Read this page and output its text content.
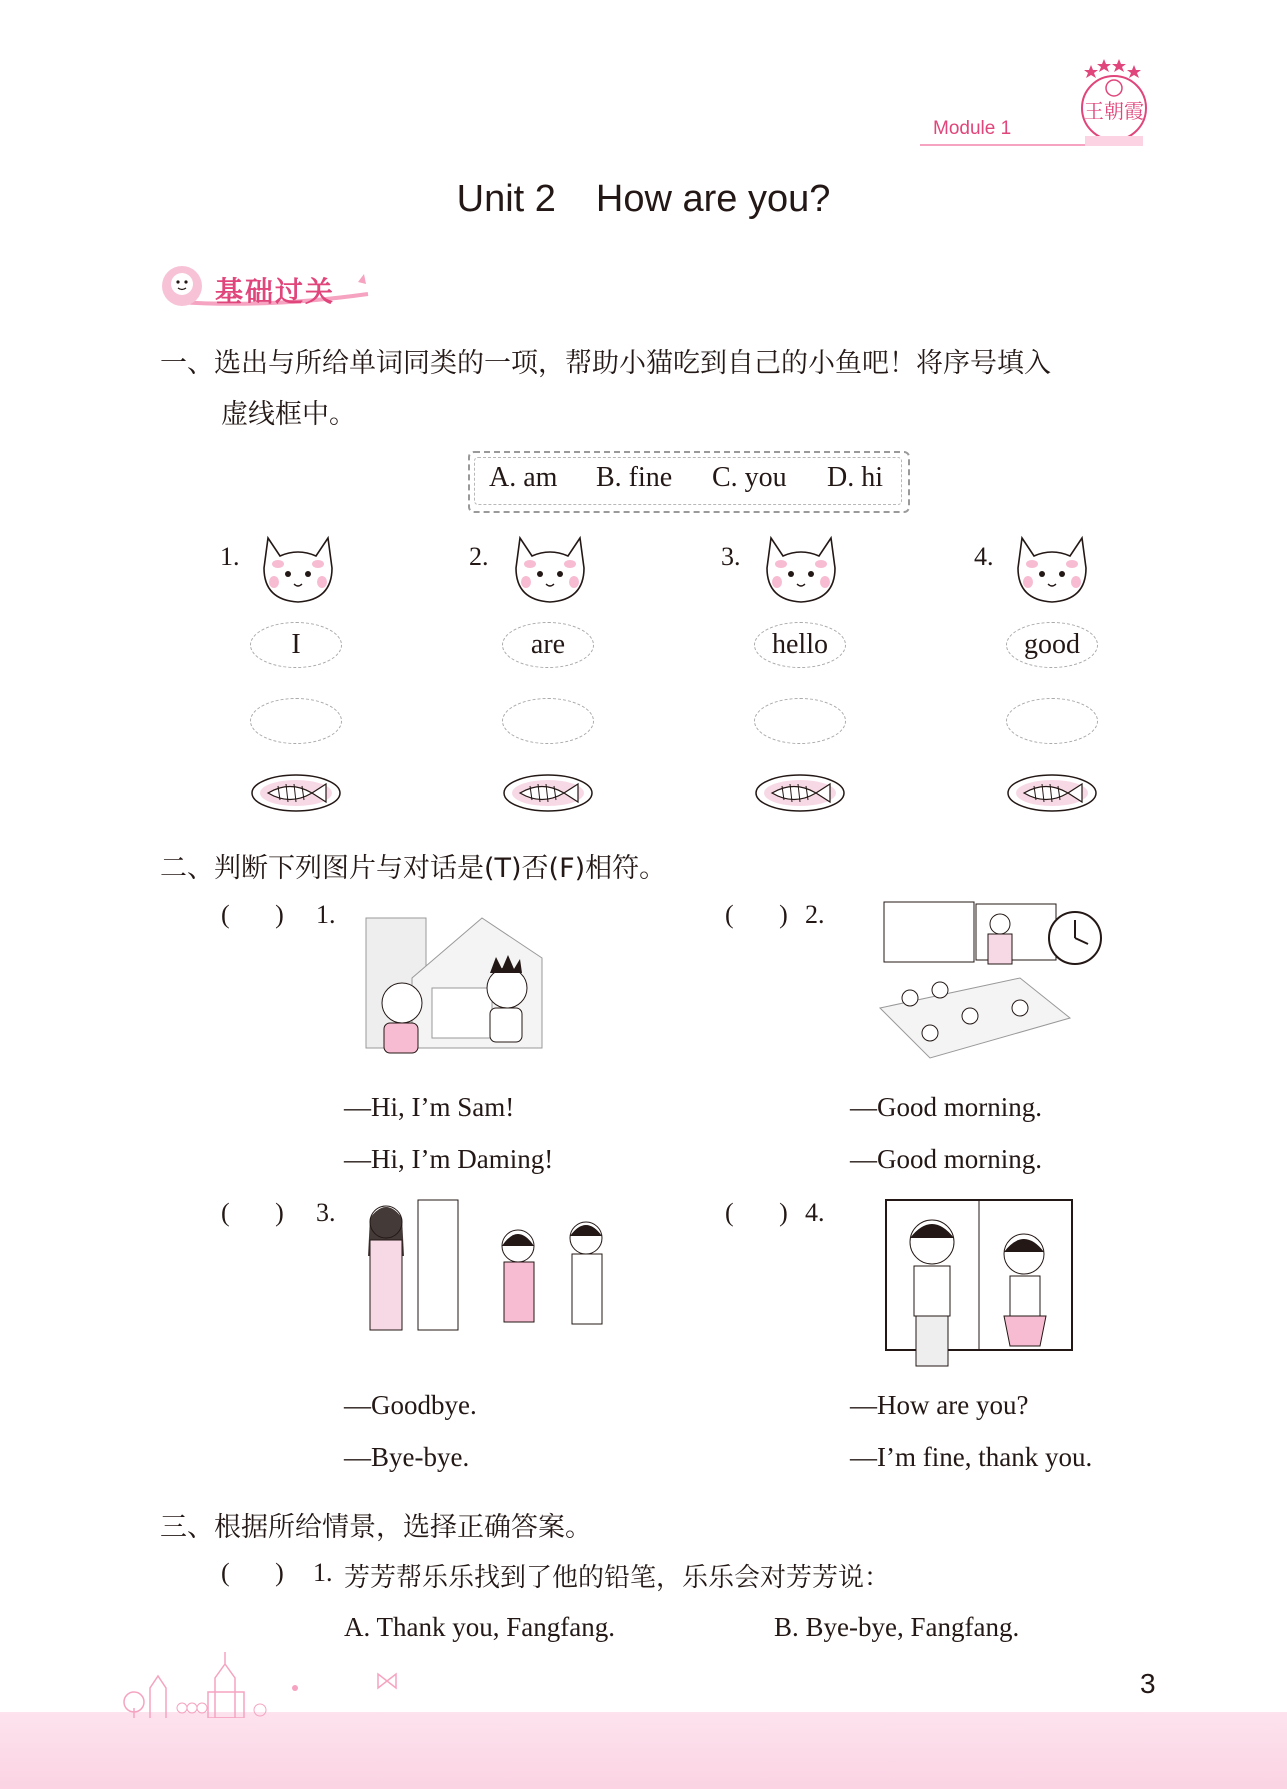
Module 1
王朝霞
Unit 2 How are you?
基础过关
一、选出与所给单词同类的一项，帮助小猫吃到自己的小鱼吧！将序号填入
虚线框中。
A. am B. fine C. you D. hi
1.
I
2.
are
3.
hello
4.
good
二、判断下列图片与对话是(T)否(F)相符。
(       ) 1.
—Hi, I’m Sam!
—Hi, I’m Daming!
(       ) 2.
—Good morning.
—Good morning.
(       ) 3.
—Goodbye.
—Bye-bye.
(       ) 4.
—How are you?
—I’m fine, thank you.
三、根据所给情景，选择正确答案。
(       ) 1. 芳芳帮乐乐找到了他的铅笔，乐乐会对芳芳说：
A. Thank you, Fangfang.	B. Bye-bye, Fangfang.
3
